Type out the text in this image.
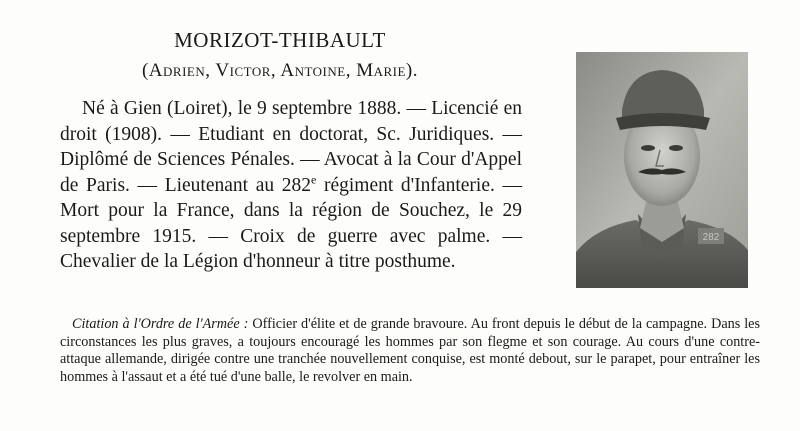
MORIZOT-THIBAULT
(Adrien, Victor, Antoine, Marie).

Né à Gien (Loiret), le 9 septembre 1888. — Licencié en droit (1908). — Etudiant en doctorat, Sc. Juridiques. — Diplômé de Sciences Pénales. — Avocat à la Cour d'Appel de Paris. — Lieutenant au 282e régiment d'Infanterie. — Mort pour la France, dans la région de Souchez, le 29 septembre 1915. — Croix de guerre avec palme. — Chevalier de la Légion d'honneur à titre posthume.

282

Citation à l'Ordre de l'Armée : Officier d'élite et de grande bravoure. Au front depuis le début de la campagne. Dans les circonstances les plus graves, a toujours encouragé les hommes par son flegme et son courage. Au cours d'une contre-attaque allemande, dirigée contre une tranchée nouvellement conquise, est monté debout, sur le parapet, pour entraîner les hommes à l'assaut et a été tué d'une balle, le revolver en main.
